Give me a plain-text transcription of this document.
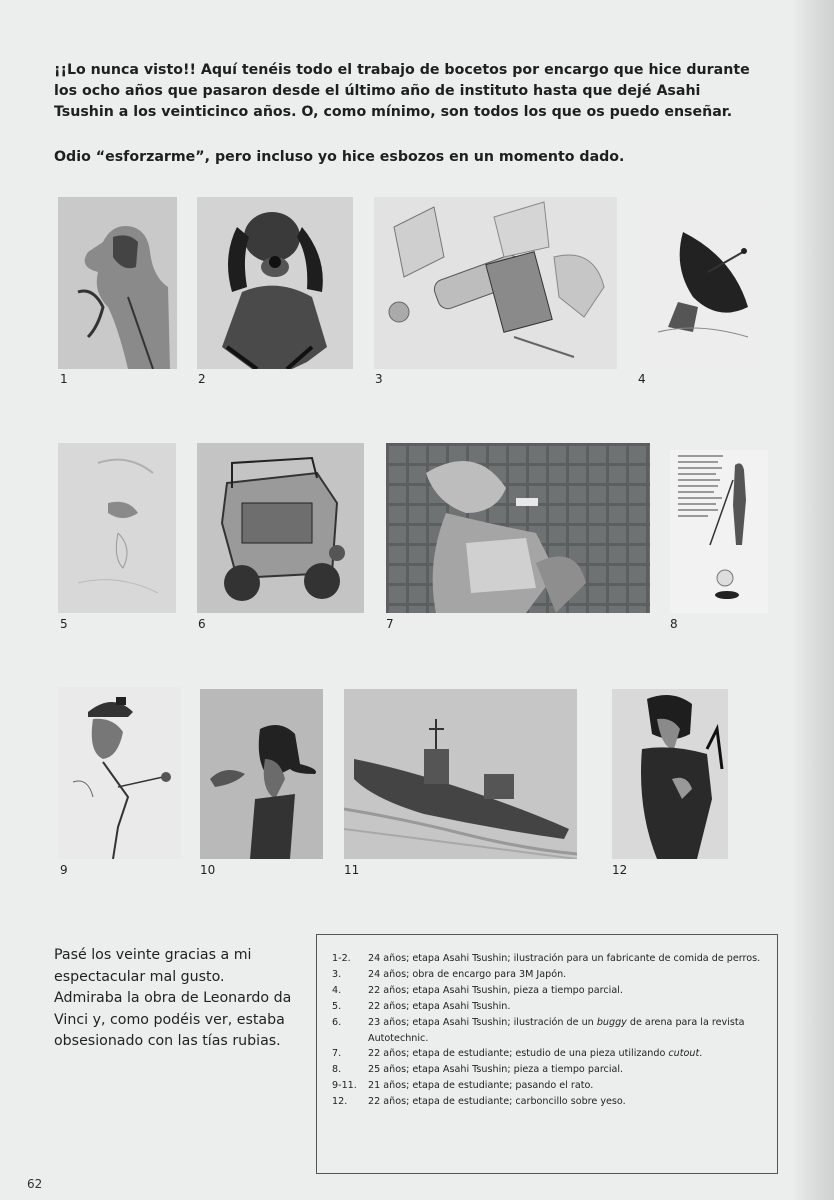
¡¡Lo nunca visto!! Aquí tenéis todo el trabajo de bocetos por encargo que hice durante los ocho años que pasaron desde el último año de instituto hasta que dejé Asahi Tsushin a los veinticinco años. O, como mínimo, son todos los que os puedo enseñar.

Odio “esforzarme”, pero incluso yo hice esbozos en un momento dado.

1	2	3	4
5	6	7	8
9	10	11	12

Pasé los veinte gracias a mi espectacular mal gusto. Admiraba la obra de Leonardo da Vinci y, como podéis ver, estaba obsesionado con las tías rubias.

1-2.	24 años; etapa Asahi Tsushin; ilustración para un fabricante de comida de perros.
3.	24 años; obra de encargo para 3M Japón.
4.	22 años; etapa Asahi Tsushin, pieza a tiempo parcial.
5.	22 años; etapa Asahi Tsushin.
6.	23 años; etapa Asahi Tsushin; ilustración de un buggy de arena para la revista Autotechnic.
7.	22 años; etapa de estudiante; estudio de una pieza utilizando cutout.
8.	25 años; etapa Asahi Tsushin; pieza a tiempo parcial.
9-11.	21 años; etapa de estudiante; pasando el rato.
12.	22 años; etapa de estudiante; carboncillo sobre yeso.
62
